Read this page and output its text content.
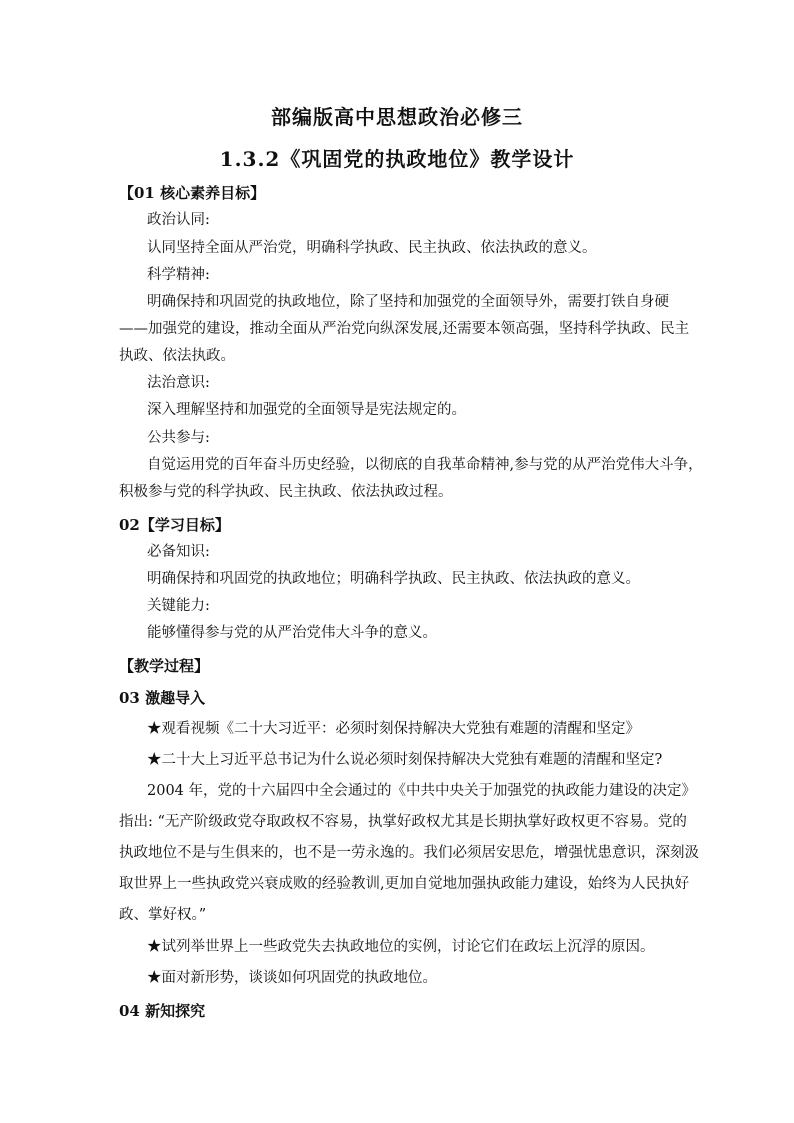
部编版高中思想政治必修三
1.3.2《巩固党的执政地位》教学设计
【01 核心素养目标】
政治认同:
认同坚持全面从严治党，明确科学执政、民主执政、依法执政的意义。
科学精神:
明确保持和巩固党的执政地位，除了坚持和加强党的全面领导外，需要打铁自身硬
——加强党的建设，推动全面从严治党向纵深发展,还需要本领高强，坚持科学执政、民主
执政、依法执政。
法治意识:
深入理解坚持和加强党的全面领导是宪法规定的。
公共参与:
自觉运用党的百年奋斗历史经验，以彻底的自我革命精神,参与党的从严治党伟大斗争，
积极参与党的科学执政、民主执政、依法执政过程。
02【学习目标】
必备知识:
明确保持和巩固党的执政地位；明确科学执政、民主执政、依法执政的意义。
关键能力:
能够懂得参与党的从严治党伟大斗争的意义。
【教学过程】
03 激趣导入
★观看视频《二十大习近平：必须时刻保持解决大党独有难题的清醒和坚定》
★二十大上习近平总书记为什么说必须时刻保持解决大党独有难题的清醒和坚定?
2004 年，党的十六届四中全会通过的《中共中央关于加强党的执政能力建设的决定》
指出: “无产阶级政党夺取政权不容易，执掌好政权尤其是长期执掌好政权更不容易。党的
执政地位不是与生俱来的，也不是一劳永逸的。我们必须居安思危，增强忧患意识，深刻汲
取世界上一些执政党兴衰成败的经验教训,更加自觉地加强执政能力建设，始终为人民执好
政、掌好权。”
★试列举世界上一些政党失去执政地位的实例，讨论它们在政坛上沉浮的原因。
★面对新形势，谈谈如何巩固党的执政地位。
04 新知探究
